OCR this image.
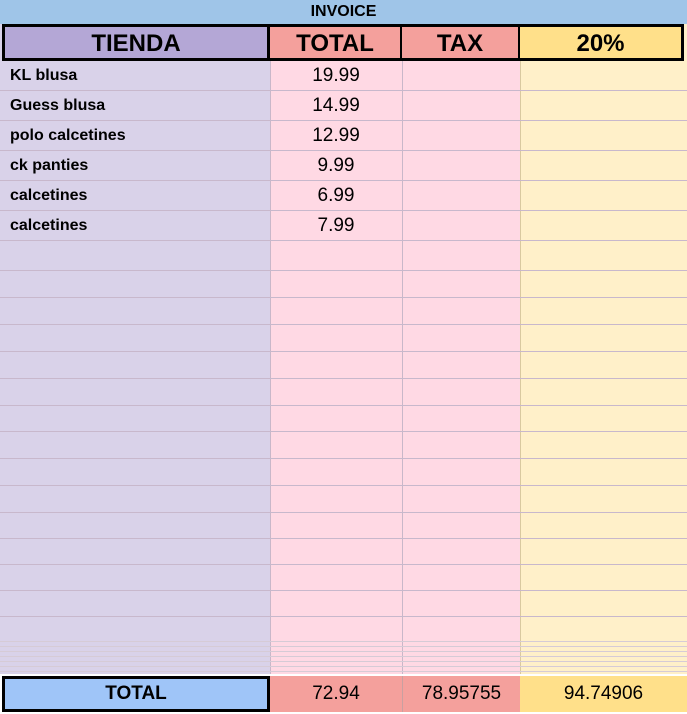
INVOICE
TIENDA	TOTAL	TAX	20%
KL blusa	19.99
Guess blusa	14.99
polo calcetines	12.99
ck panties	9.99
calcetines	6.99
calcetines	7.99
TOTAL	72.94	78.95755	94.74906
